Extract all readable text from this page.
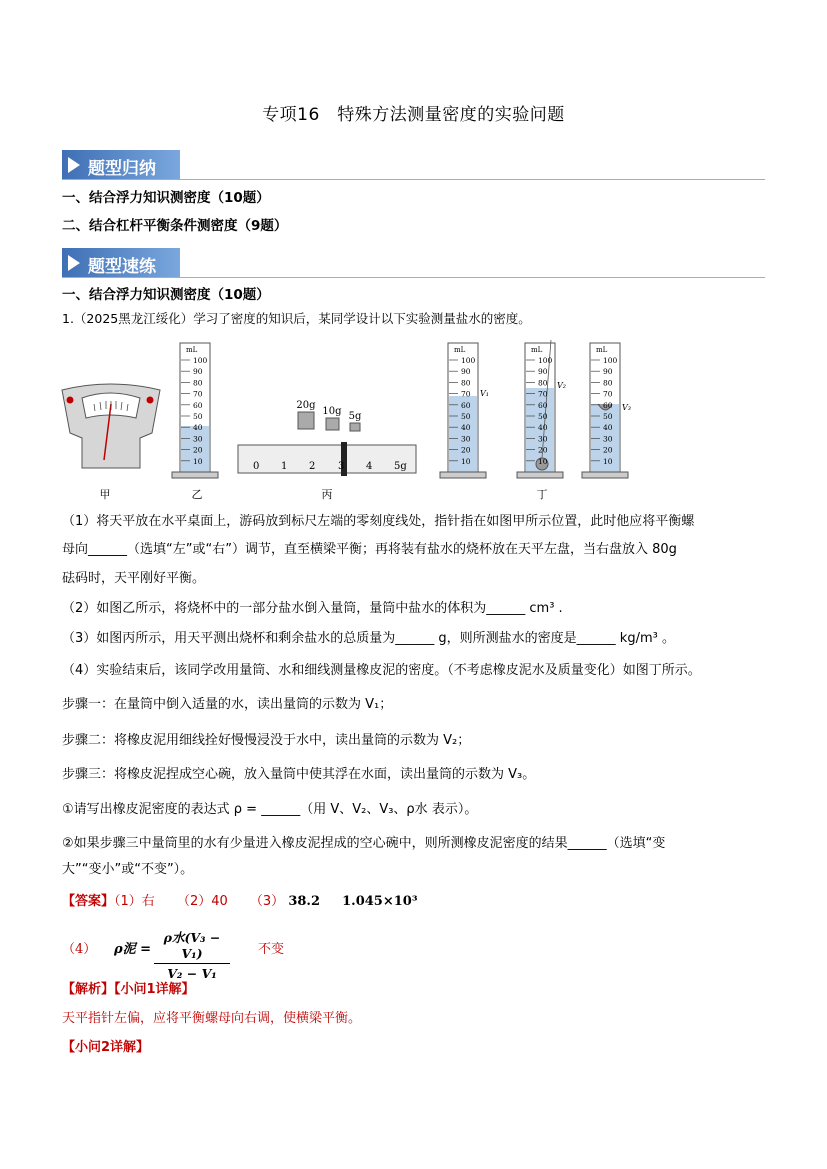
专项16　特殊方法测量密度的实验问题
题型归纳
一、结合浮力知识测密度（10题）
二、结合杠杆平衡条件测密度（9题）
题型速练
一、结合浮力知识测密度（10题）
1.（2025黑龙江绥化）学习了密度的知识后，某同学设计以下实验测量盐水的密度。
甲
mL
乙
20g
10g 5g
0 1 2 3 4 5g
丙
mL
V₁
mL
V₂
mL
V₃
丁
100
90
80
70
60
50
40
30
20
10
100
90
80
70
60
50
40
30
20
10
100
90
80
70
60
50
40
30
20
10
100
90
80
70
60
50
40
30
20
10
（1）将天平放在水平桌面上，游码放到标尺左端的零刻度线处，指针指在如图甲所示位置，此时他应将平衡螺
母向______（选填“左”或“右”）调节，直至横梁平衡；再将装有盐水的烧杯放在天平左盘，当右盘放入 80g
砝码时，天平刚好平衡。
（2）如图乙所示，将烧杯中的一部分盐水倒入量筒，量筒中盐水的体积为______ cm³ .
（3）如图丙所示，用天平测出烧杯和剩余盐水的总质量为______ g，则所测盐水的密度是______ kg/m³ 。
（4）实验结束后，该同学改用量筒、水和细线测量橡皮泥的密度。（不考虑橡皮泥水及质量变化）如图丁所示。
步骤一：在量筒中倒入适量的水，读出量筒的示数为 V₁；
步骤二：将橡皮泥用细线拴好慢慢浸没于水中，读出量筒的示数为 V₂；
步骤三：将橡皮泥捏成空心碗，放入量筒中使其浮在水面，读出量筒的示数为 V₃。
①请写出橡皮泥密度的表达式 ρ = ______（用 V、V₂、V₃、ρ水 表示）。
②如果步骤三中量筒里的水有少量进入橡皮泥捏成的空心碗中，则所测橡皮泥密度的结果______（选填“变
大”“变小”或“不变”）。
【答案】（1）右 （2）40 （3） 38.2 1.045×10³
（4） ρ泥 =
ρ水(V₃ − V₁)
V₂ − V₁
不变
【解析】【小问1详解】
天平指针左偏，应将平衡螺母向右调，使横梁平衡。
【小问2详解】
